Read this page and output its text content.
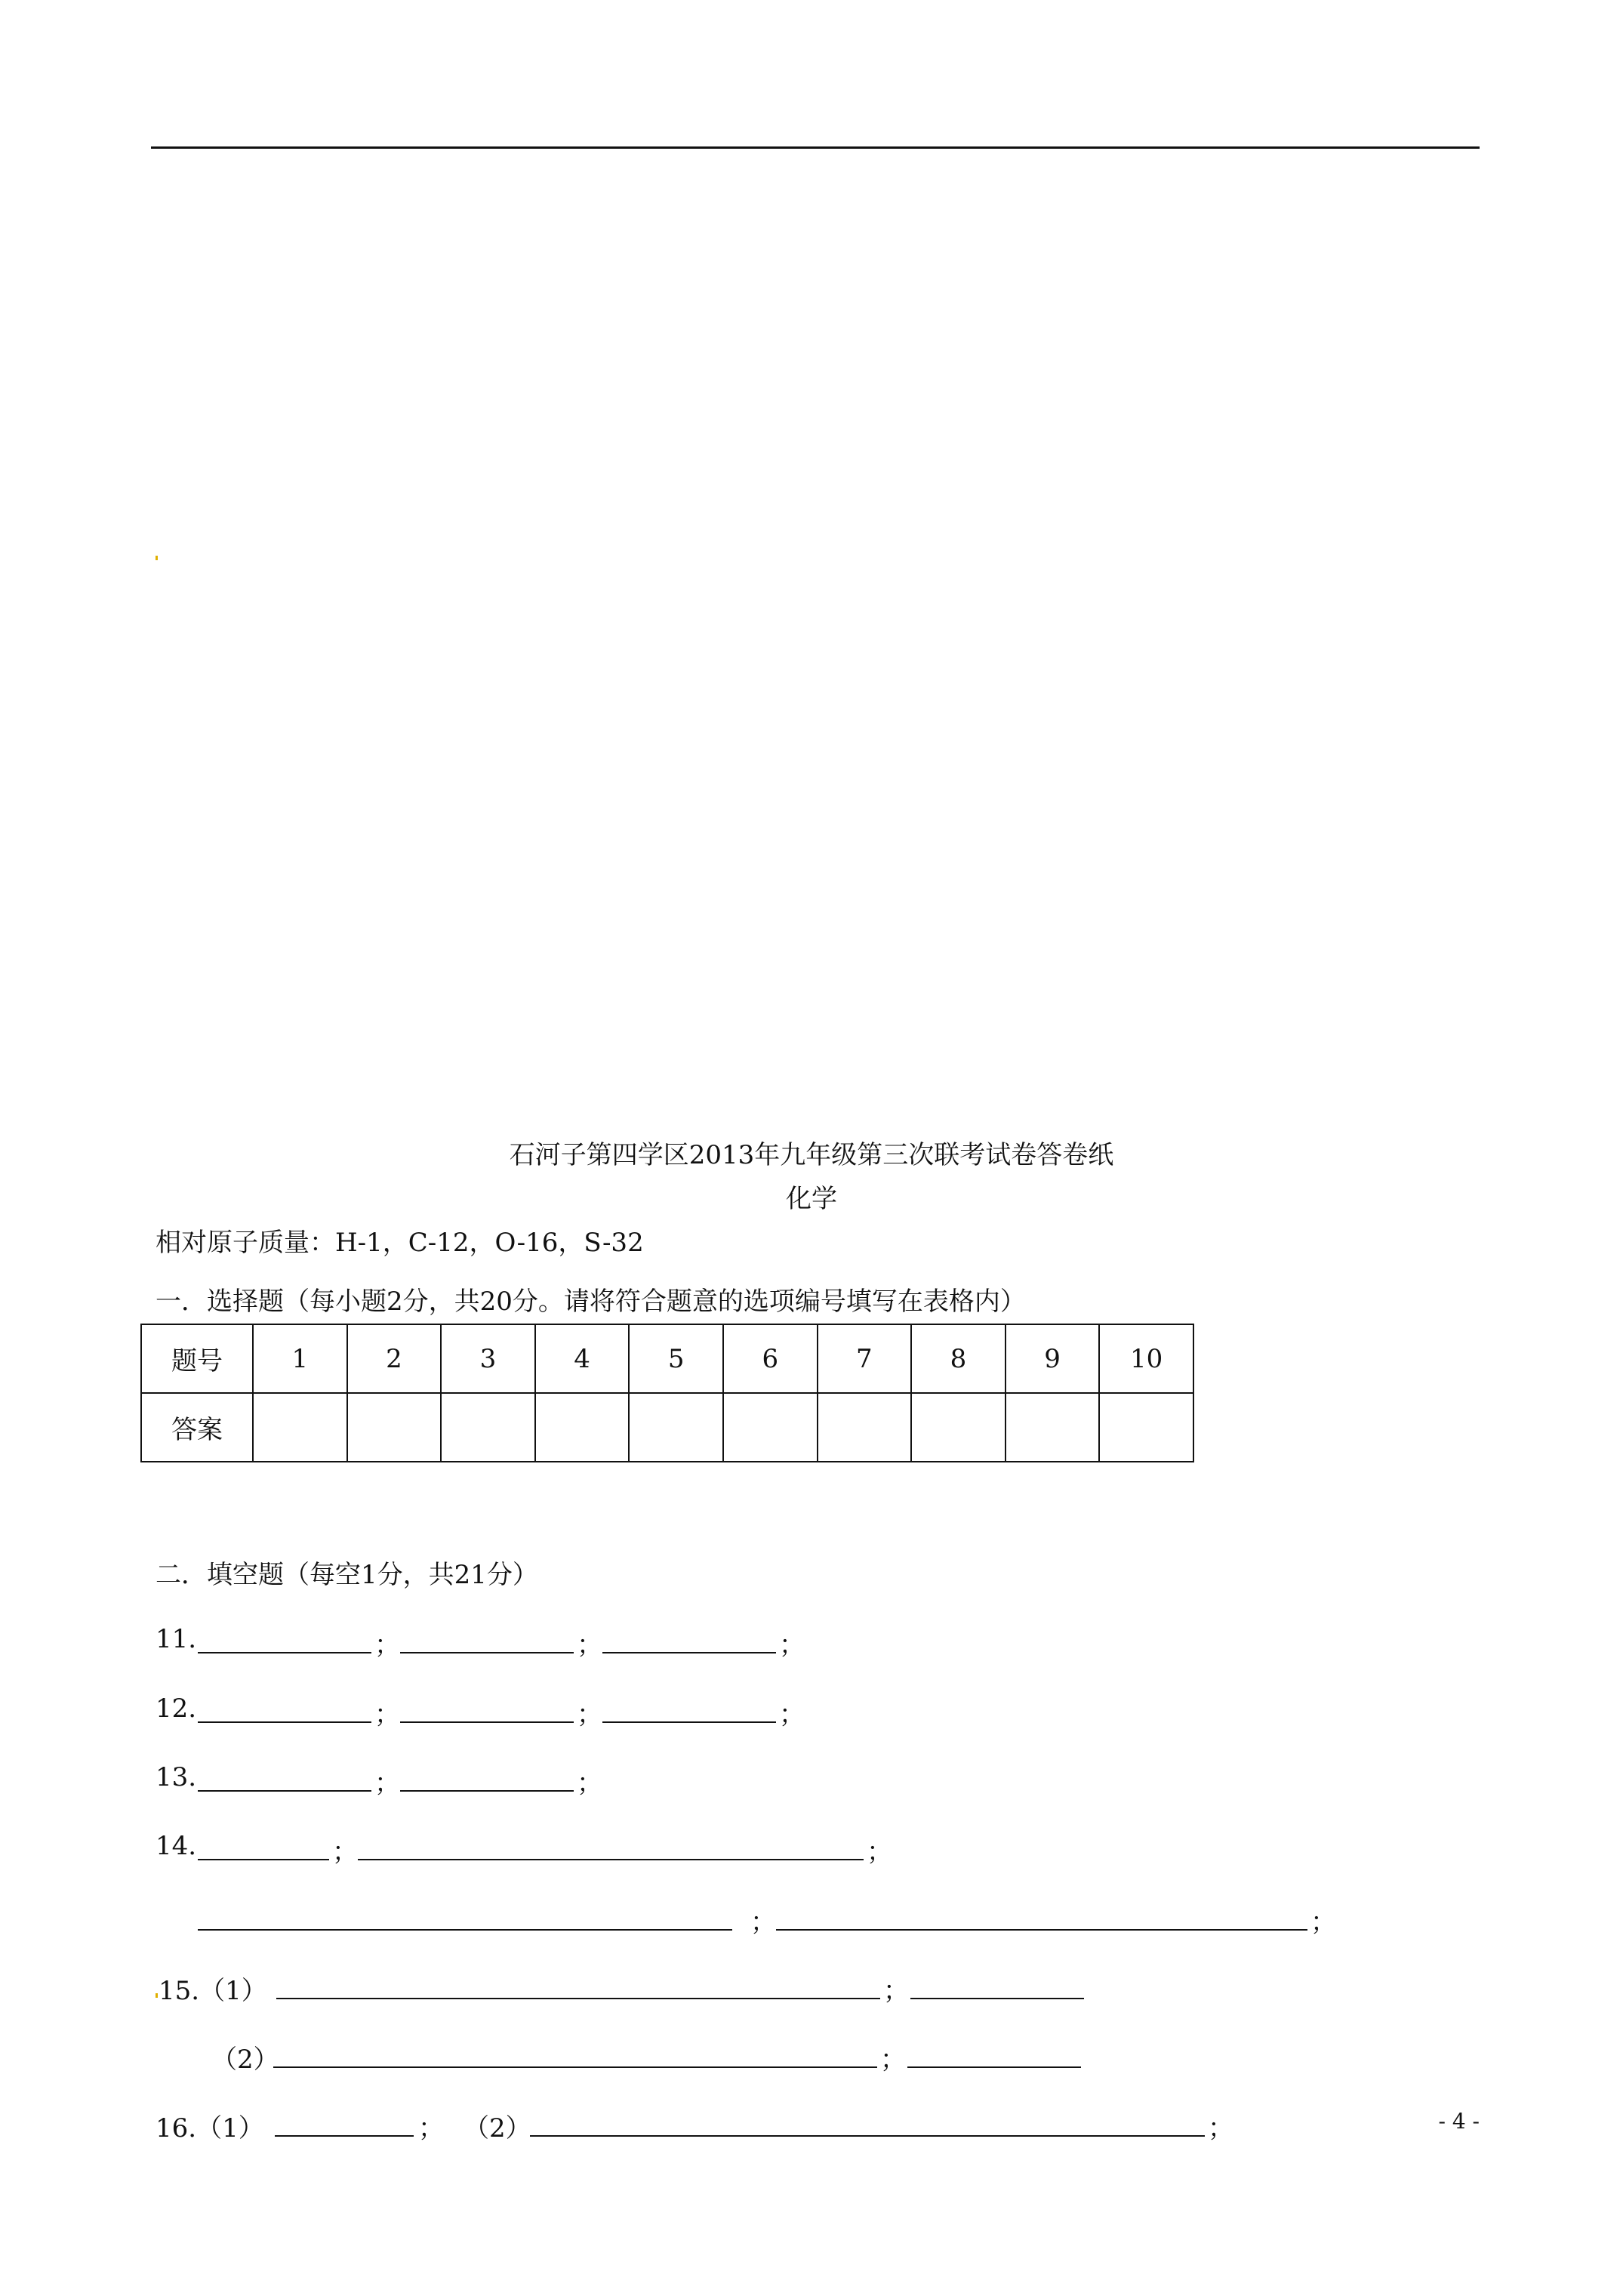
石河子第四学区2013年九年级第三次联考试卷答卷纸
化学
相对原子质量：H-1，C-12，O-16，S-32
一．选择题（每小题2分，共20分。请将符合题意的选项编号填写在表格内）
题号	1	2	3	4	5	6	7	8	9	10
答案										
二．填空题（每空1分，共21分）
11.	；	；	；
12.	；	；	；
13.	；	；
14.	；	；
；	；
15.（1）	；
（2）	；
16.（1）	； （2）	；	- 4 -
